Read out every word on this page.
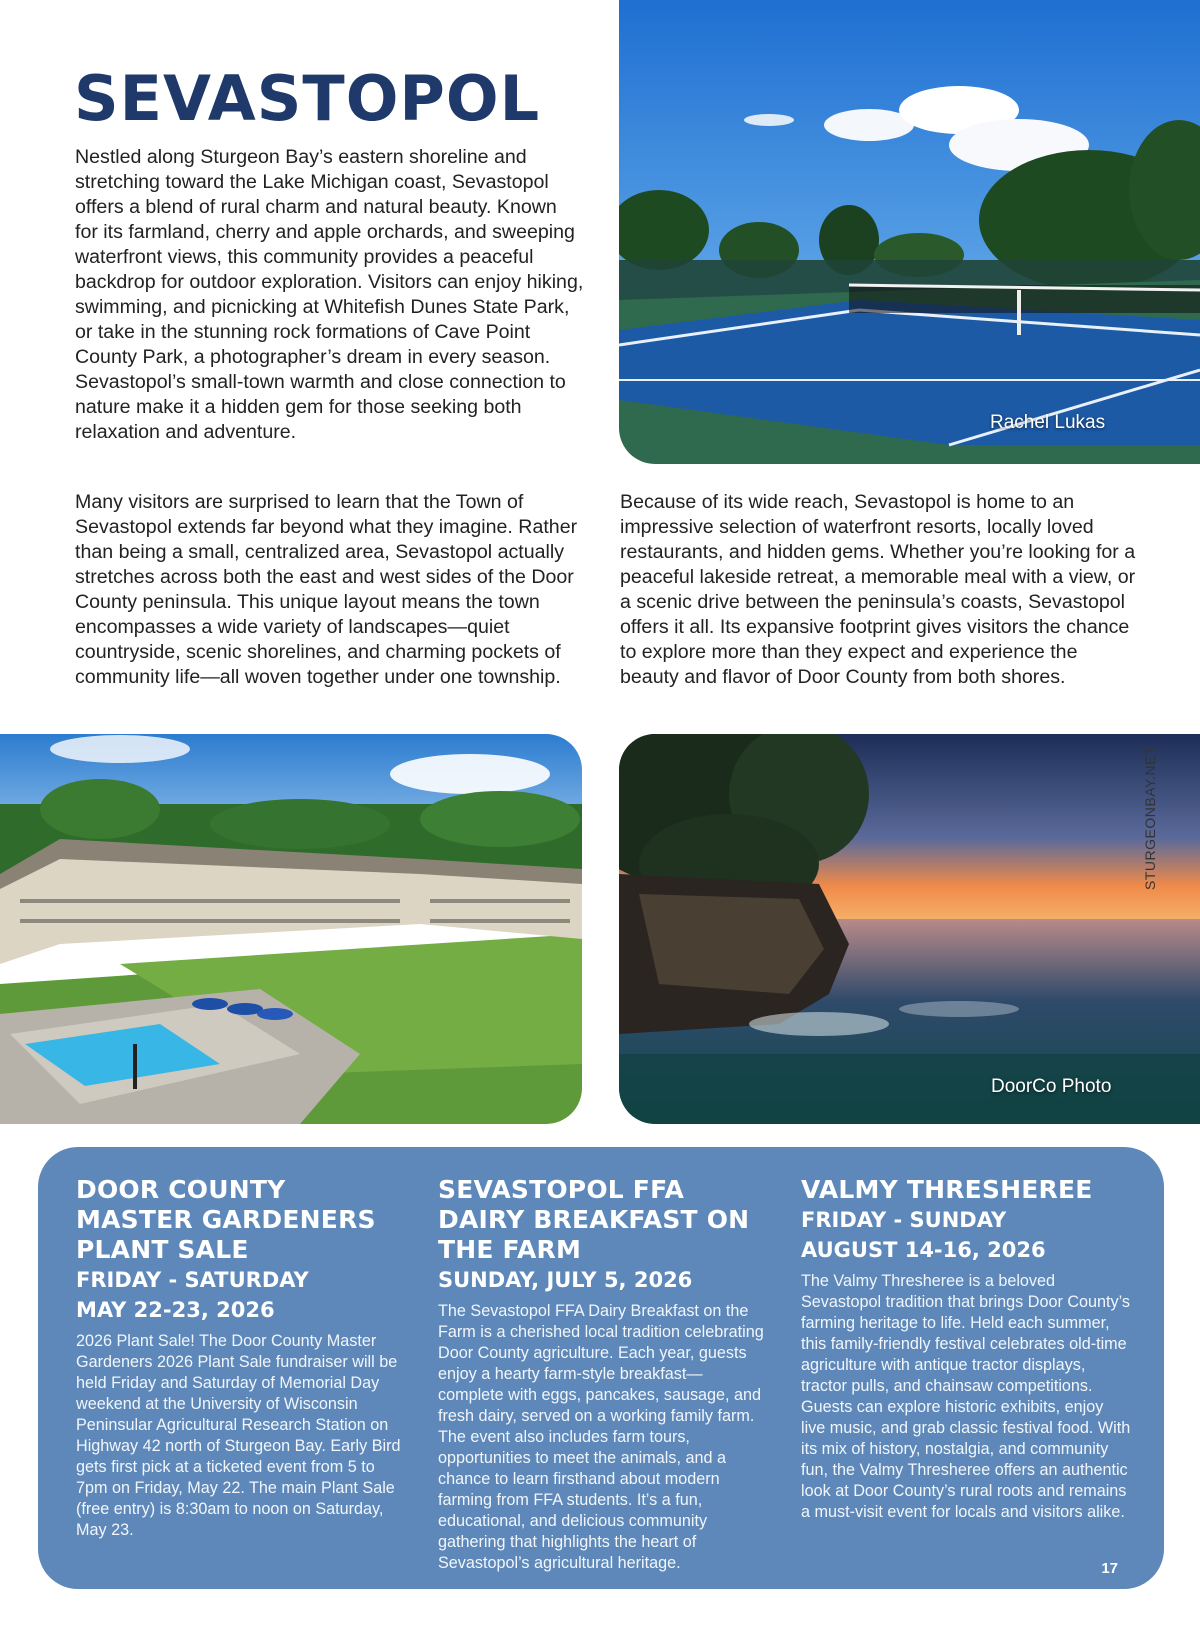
SEVASTOPOL

Nestled along Sturgeon Bay’s eastern shoreline and stretching toward the Lake Michigan coast, Sevastopol offers a blend of rural charm and natural beauty. Known for its farmland, cherry and apple orchards, and sweeping waterfront views, this community provides a peaceful backdrop for outdoor exploration. Visitors can enjoy hiking, swimming, and picnicking at Whitefish Dunes State Park, or take in the stunning rock formations of Cave Point County Park, a photographer’s dream in every season. Sevastopol’s small-town warmth and close connection to nature make it a hidden gem for those seeking both relaxation and adventure.

Many visitors are surprised to learn that the Town of Sevastopol extends far beyond what they imagine. Rather than being a small, centralized area, Sevastopol actually stretches across both the east and west sides of the Door County peninsula. This unique layout means the town encompasses a wide variety of landscapes—quiet countryside, scenic shorelines, and charming pockets of community life—all woven together under one township.

Because of its wide reach, Sevastopol is home to an impressive selection of waterfront resorts, locally loved restaurants, and hidden gems. Whether you’re looking for a peaceful lakeside retreat, a memorable meal with a view, or a scenic drive between the peninsula’s coasts, Sevastopol offers it all. Its expansive footprint gives visitors the chance to explore more than they expect and experience the beauty and flavor of Door County from both shores.

Rachel Lukas
DoorCo Photo
STURGEONBAY.NET
DOOR COUNTY MASTER GARDENERS PLANT SALE

FRIDAY - SATURDAY

MAY 22-23, 2026

2026 Plant Sale! The Door County Master Gardeners 2026 Plant Sale fundraiser will be held Friday and Saturday of Memorial Day weekend at the University of Wisconsin Peninsular Agricultural Research Station on Highway 42 north of Sturgeon Bay. Early Bird gets first pick at a ticketed event from 5 to 7pm on Friday, May 22. The main Plant Sale (free entry) is 8:30am to noon on Saturday, May 23.

SEVASTOPOL FFA DAIRY BREAKFAST ON THE FARM

SUNDAY, JULY 5, 2026

The Sevastopol FFA Dairy Breakfast on the Farm is a cherished local tradition celebrating Door County agriculture. Each year, guests enjoy a hearty farm-style breakfast—complete with eggs, pancakes, sausage, and fresh dairy, served on a working family farm. The event also includes farm tours, opportunities to meet the animals, and a chance to learn firsthand about modern farming from FFA students. It’s a fun, educational, and delicious community gathering that highlights the heart of Sevastopol’s agricultural heritage.

VALMY THRESHEREE

FRIDAY - SUNDAY

AUGUST 14-16, 2026

The Valmy Thresheree is a beloved Sevastopol tradition that brings Door County’s farming heritage to life. Held each summer, this family-friendly festival celebrates old-time agriculture with antique tractor displays, tractor pulls, and chainsaw competitions. Guests can explore historic exhibits, enjoy live music, and grab classic festival food. With its mix of history, nostalgia, and community fun, the Valmy Thresheree offers an authentic look at Door County’s rural roots and remains a must-visit event for locals and visitors alike.

17
